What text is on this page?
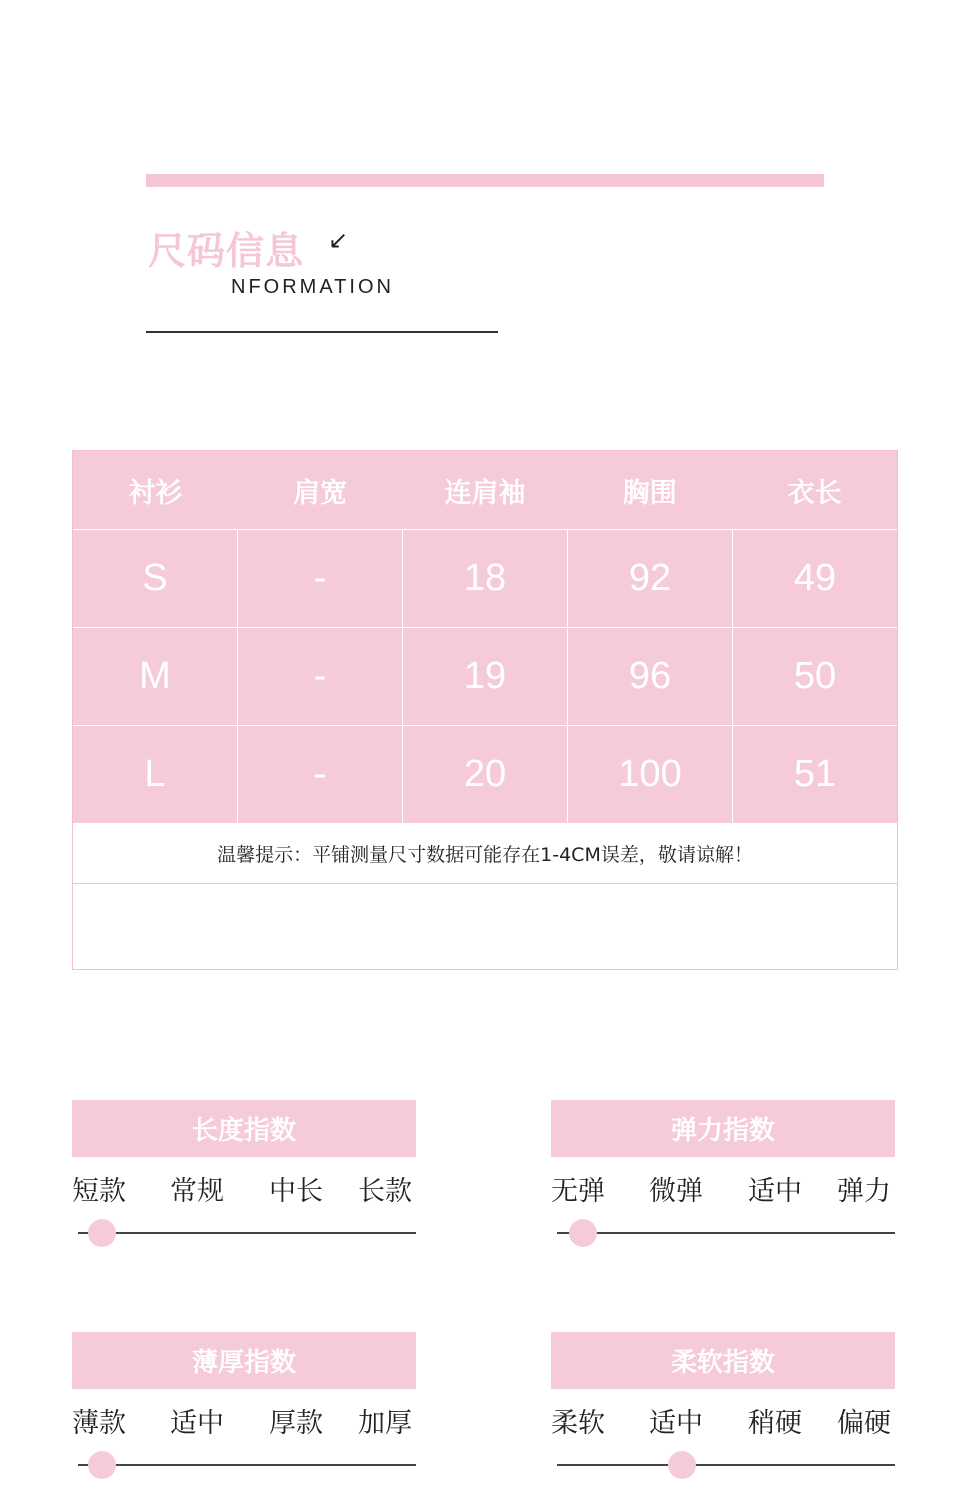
尺码信息 ↙
NFORMATION
衬衫	肩宽	连肩袖	胸围	衣长
S	-	18	92	49
M	-	19	96	50
L	-	20	100	51
温馨提示：平铺测量尺寸数据可能存在1-4CM误差，敬请谅解！
长度指数
短款 常规 中长 长款
弹力指数
无弹 微弹 适中 弹力
薄厚指数
薄款 适中 厚款 加厚
柔软指数
柔软 适中 稍硬 偏硬
